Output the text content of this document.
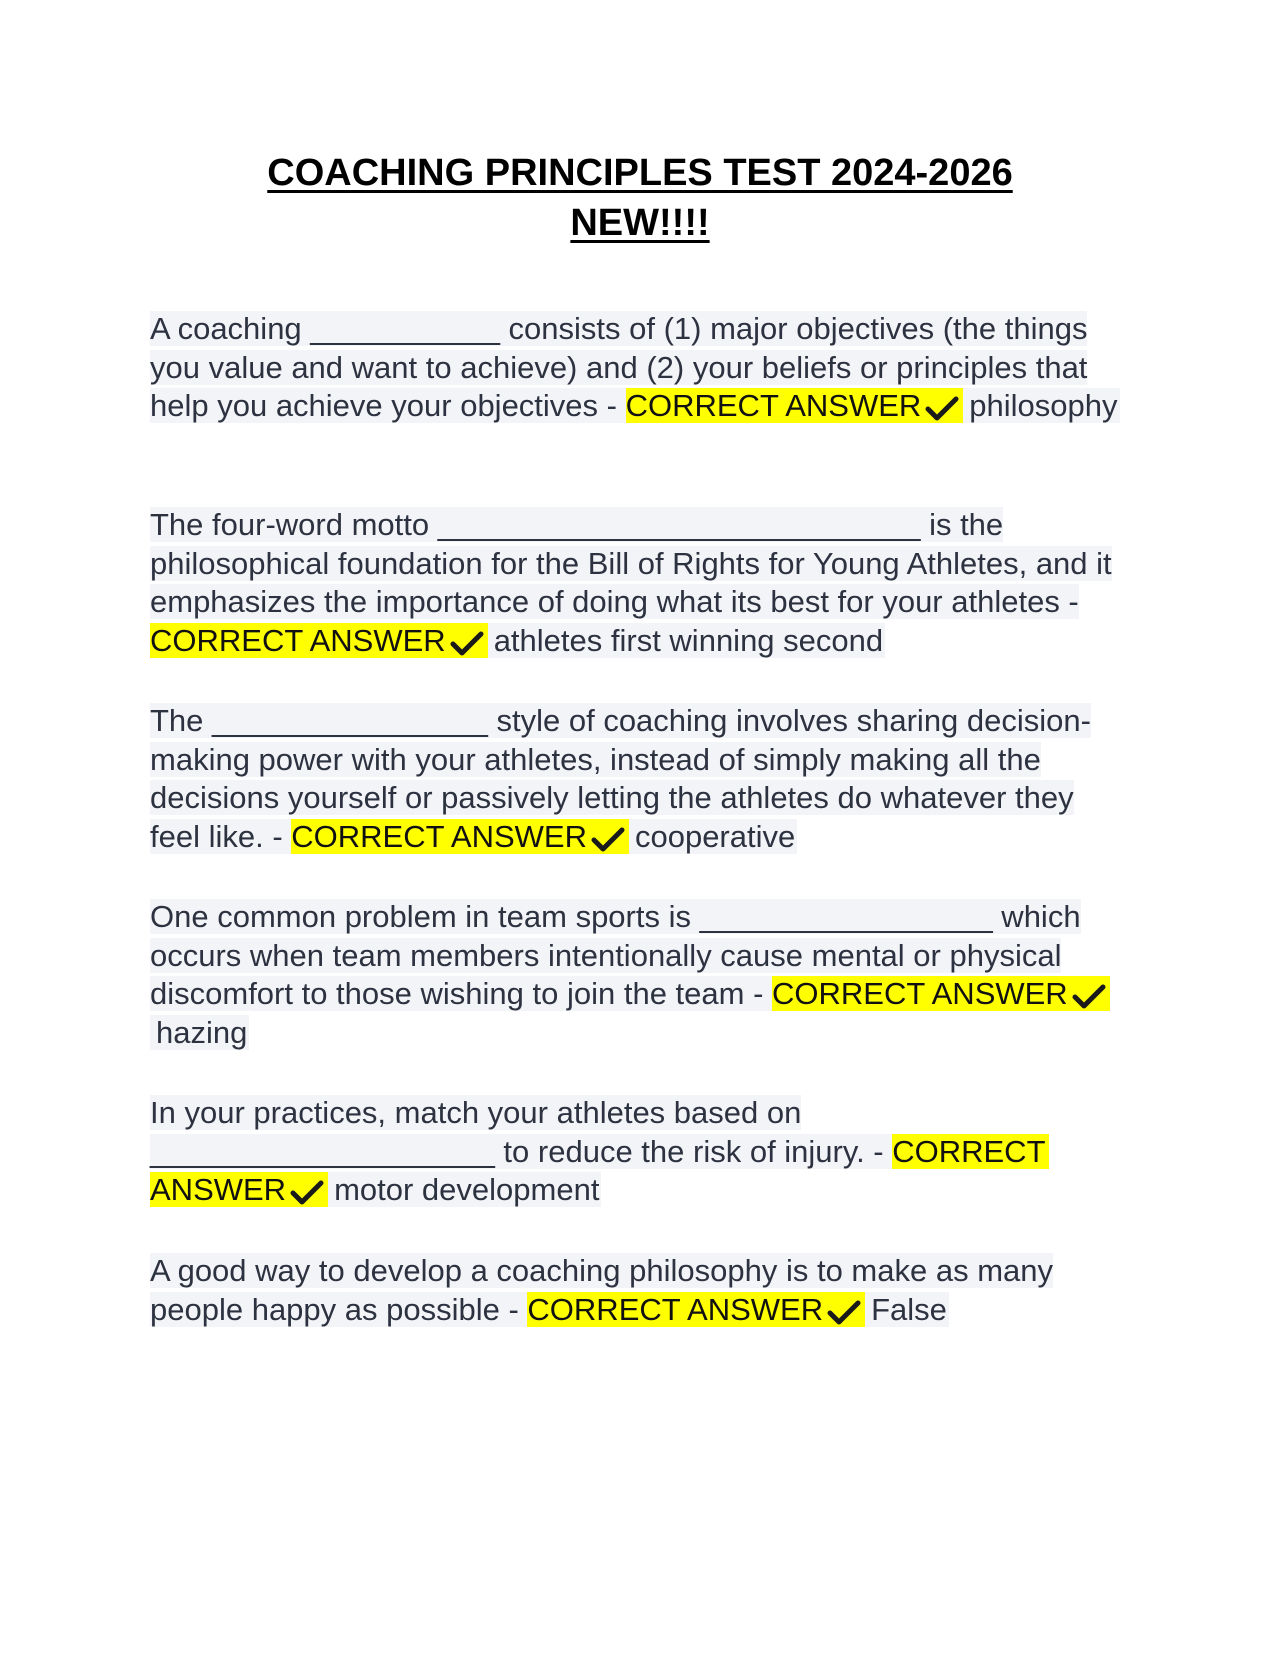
COACHING PRINCIPLES TEST 2024-2026
NEW!!!!

A coaching ___________ consists of (1) major objectives (the things you value and want to achieve) and (2) your beliefs or principles that help you achieve your objectives - CORRECT ANSWER philosophy

The four-word motto ____________________________ is the philosophical foundation for the Bill of Rights for Young Athletes, and it emphasizes the importance of doing what its best for your athletes - CORRECT ANSWER athletes first winning second

The ________________ style of coaching involves sharing decision-making power with your athletes, instead of simply making all the decisions yourself or passively letting the athletes do whatever they feel like. - CORRECT ANSWER cooperative

One common problem in team sports is _________________ which occurs when team members intentionally cause mental or physical discomfort to those wishing to join the team - CORRECT ANSWER
hazing

In your practices, match your athletes based on ____________________ to reduce the risk of injury. - CORRECT ANSWER motor development

A good way to develop a coaching philosophy is to make as many people happy as possible - CORRECT ANSWER False
